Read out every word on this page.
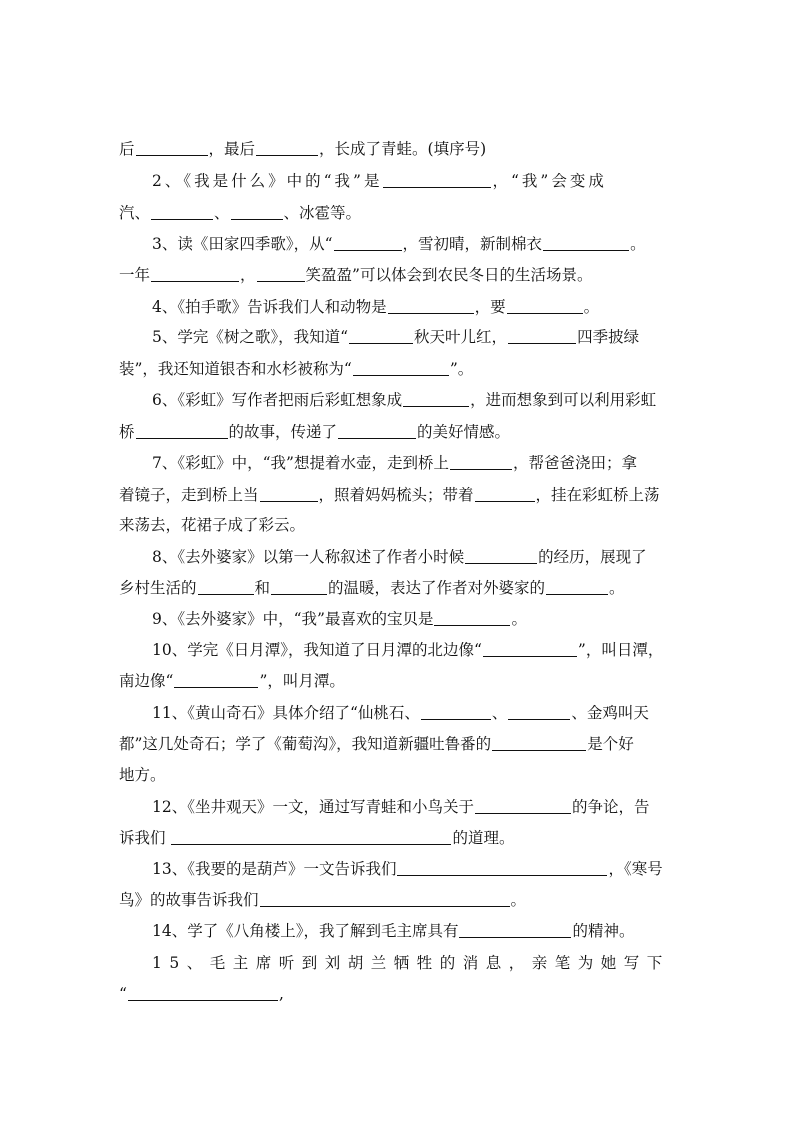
后	，最后	，长成了青蛙。(填序号)
2、《我是什么》中的“我”是	，“我”会变成
汽、	、	、冰雹等。
3、读《田家四季歌》，从“	，雪初晴，新制棉衣	。
一年	，	笑盈盈”可以体会到农民冬日的生活场景。
4、《拍手歌》告诉我们人和动物是	，要	。
5、学完《树之歌》，我知道“	秋天叶儿红，	四季披绿
装”，我还知道银杏和水杉被称为“	”。
6、《彩虹》写作者把雨后彩虹想象成	，进而想象到可以利用彩虹
桥	的故事，传递了	的美好情感。
7、《彩虹》中，“我”想提着水壶，走到桥上	，帮爸爸浇田；拿
着镜子，走到桥上当	，照着妈妈梳头；带着	，挂在彩虹桥上荡
来荡去，花裙子成了彩云。
8、《去外婆家》以第一人称叙述了作者小时候	的经历，展现了
乡村生活的	和	的温暖，表达了作者对外婆家的	。
9、《去外婆家》中，“我”最喜欢的宝贝是	。
10、学完《日月潭》，我知道了日月潭的北边像“	”，叫日潭，
南边像“	”，叫月潭。
11、《黄山奇石》具体介绍了“仙桃石、	、	、金鸡叫天
都”这几处奇石；学了《葡萄沟》，我知道新疆吐鲁番的	是个好
地方。
12、《坐井观天》一文，通过写青蛙和小鸟关于	的争论，告
诉我们	的道理。
13、《我要的是葫芦》一文告诉我们	，《寒号
鸟》的故事告诉我们	。
14、学了《八角楼上》，我了解到毛主席具有	的精神。
15、毛主席听到刘胡兰牺牲的消息，亲笔为她写下
“	,
